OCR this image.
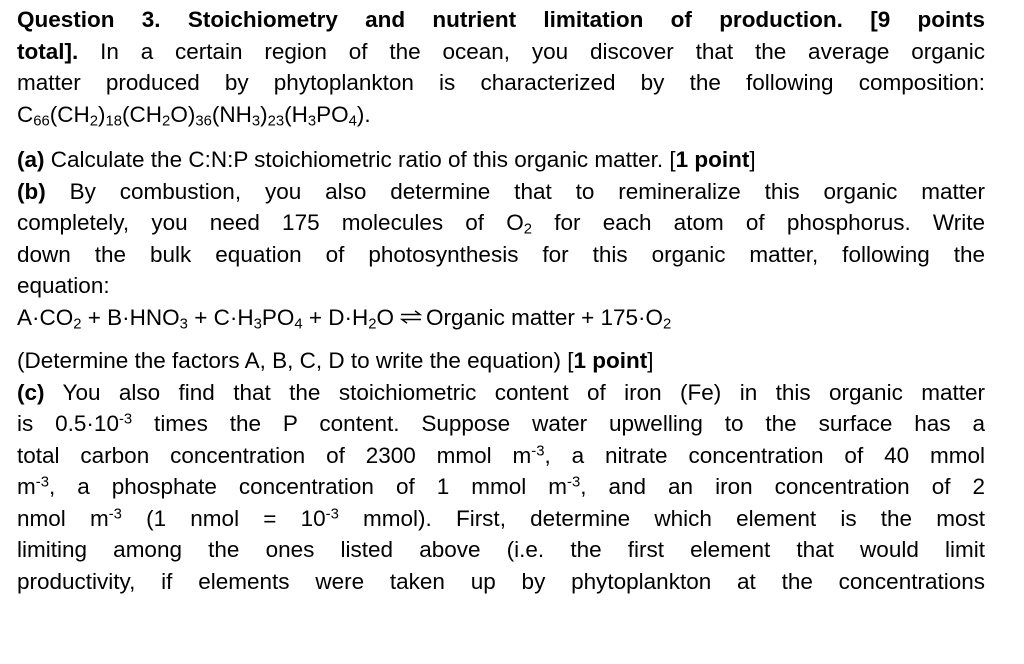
Question 3. Stoichiometry and nutrient limitation of production. [9 points
total]. In a certain region of the ocean, you discover that the average organic
matter produced by phytoplankton is characterized by the following composition:
$C_{66}(CH_2)_{18}(CH_2O)_{36}(NH_3)_{23}(H_3PO_4)$.
(a) Calculate the C:N:P stoichiometric ratio of this organic matter. [1 point]
(b) By combustion, you also determine that to remineralize this organic matter
completely, you need 175 molecules of $O_2$ for each atom of phosphorus. Write
down the bulk equation of photosynthesis for this organic matter, following the
equation:
$A\cdot CO_2 + B\cdot HNO_3 + C\cdot H_3PO_4 + D\cdot H_2O$ ⇌ Organic matter + $175\cdot O_2$
(Determine the factors A, B, C, D to write the equation) [1 point]
(c) You also find that the stoichiometric content of iron (Fe) in this organic matter
is $0.5\cdot 10^{-3}$ times the P content. Suppose water upwelling to the surface has a
total carbon concentration of 2300 mmol $m^{-3}$, a nitrate concentration of 40 mmol
$m^{-3}$, a phosphate concentration of 1 mmol $m^{-3}$, and an iron concentration of 2
nmol $m^{-3}$ (1 nmol = $10^{-3}$ mmol). First, determine which element is the most
limiting among the ones listed above (i.e. the first element that would limit
productivity, if elements were taken up by phytoplankton at the concentrations
